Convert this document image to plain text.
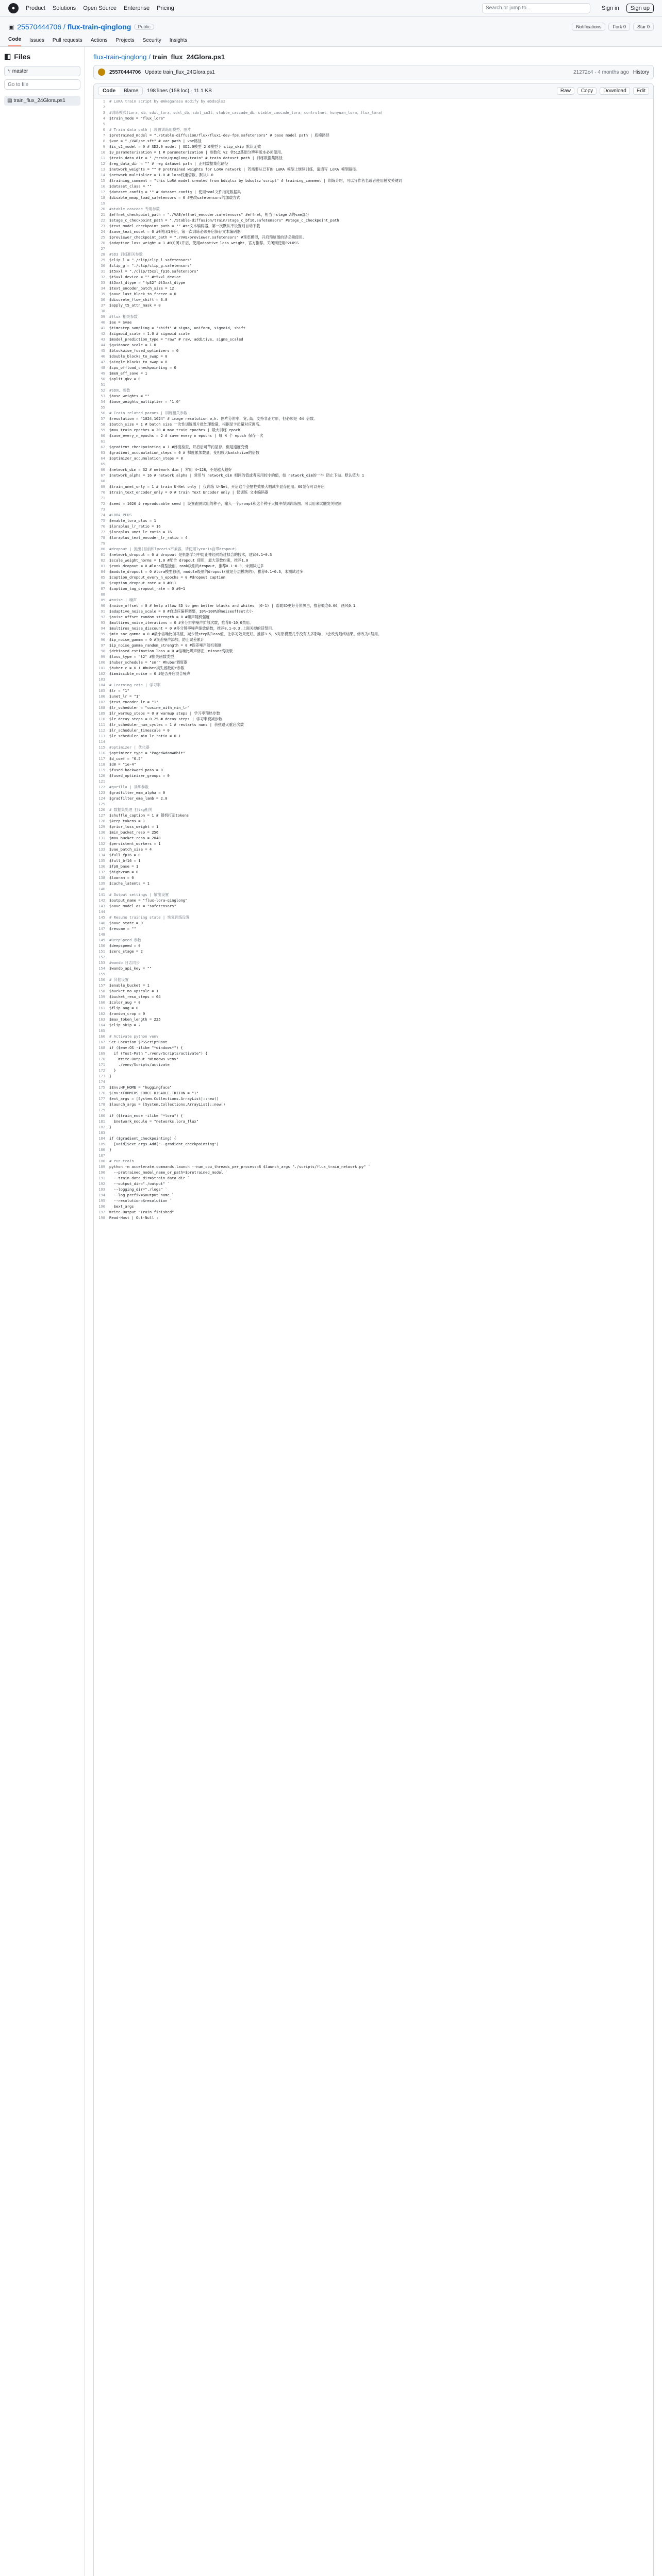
●	Product Solutions Open Source Enterprise Pricing	Search or jump to...	Sign in	Sign up
▣ 25570444706 / flux-train-qinglong	Public	Notifications	Fork 0	Star 0
Code Issues Pull requests Actions Projects Security Insights
◧ Files
⑂ master
Go to file
▤ train_flux_24Glora.ps1
flux-train-qinglong / train_flux_24Glora.ps1
25570444706 Update train_flux_24Glora.ps1	21272c4 · 4 months ago History
Code	Blame	198 lines (158 loc) · 11.1 KB	Raw	Copy	Download	Edit
1	# LoRA train script by @Akegarasu modify by @bdsqlsz
2
3	#训练模式(Lora、db、sdxl_lora、sdxl_db、sdxl_cn3l、stable_cascade_db、stable_cascade_lora、controlnet、hunyuan_lora、flux_lora)
4	$train_mode = "flux_lora"
5
6	# Train data path | 设置训练用模型、图片
7	$pretrained_model = "./Stable-diffusion/flux/flux1-dev-fp8.safetensors" # base model path | 底模路径
8	$vae = "./VAE/ae.sft" # vae path | vae路径
9	$is_v2_model = 0 # SD2.0 model | SD2.0模型 2.0模型下 clip_skip 默认无效
10	$v_parameterization = 1 # parameterization | 参数化 v2 非512基础分辨率版本必须使用。
11	$train_data_dir = "./train/qinglong/train" # train dataset path | 训练数据集路径
12	$reg_data_dir = "" # reg dataset path | 正则数据集化路径
13	$network_weights = "" # pretrained weights for LoRA network | 若需要从已有的 LoRA 模型上继续训练，请填写 LoRA 模型路径。
14	$network_multiplier = 1.0 # lora权重倍数，默认1.0
15	$training_comment = "this LoRA model created from bdsqlsz by bdsqlsz'script" # training_comment | 训练介绍，可以写作者名或者使用触发关键词
16	$dataset_class = ""
17	$dataset_config = "" # dataset_config | 使用toml文件指定数据集
18	$disable_mmap_load_safetensors = 0 #更改safetensors的加载方式
19
20	#stable_cascade 专用参数
21	$effnet_checkpoint_path = "./VAE/effnet_encoder.safetensors" #effnet，相当于stage A的vae部分
22	$stage_c_checkpoint_path = "./Stable-diffusion/train/stage_c_bf16.safetensors" #stage_c_checkpoint_path
23	$text_model_checkpoint_path = "" #te文本编码器，第一次默认不设置则自动下载
24	$save_text_model = 0 #0关闭1开启，第一次训练必须开启保存文本编码器
25	$previewer_checkpoint_path = "./VAE/previewer.safetensors" #预览模型，开启预览图的话必须使用。
26	$adaptive_loss_weight = 1 #0关闭1开启，使用adaptive_loss_weight，官方推荐。关闭则使用P2LOSS
27
28	#SD3 训练相关参数
29	$clip_l = "./clip/clip_l.safetensors"
30	$clip_g = "./clip/clip_g.safetensors"
31	$t5xxl = "./clip/t5xxl_fp16.safetensors"
32	$t5xxl_device = "" #t5xxl_device
33	$t5xxl_dtype = "fp32" #t5xxl_dtype
34	$text_encoder_batch_size = 12
35	$save_last_block_to_freeze = 0
36	$discrete_flow_shift = 3.0
37	$apply_t5_attn_mask = 0
38
39	#flux 相关参数
40	$ae = $vae
41	$timestep_sampling = "shift" # sigma, uniform, sigmoid, shift
42	$sigmoid_scale = 1.0 # sigmoid scale
43	$model_prediction_type = "raw" # raw, additive, sigma_scaled
44	$guidance_scale = 1.0
45	$blockwise_fused_optimizers = 0
46	$double_blocks_to_swap = 0
47	$single_blocks_to_swap = 0
48	$cpu_offload_checkpointing = 0
49	$mem_eff_save = 1
50	$split_qkv = 0
51
52	#SDXL 参数
53	$base_weights = ""
54	$base_weights_multiplier = "1.0"
55
56	# Train related params | 训练相关参数
57	$resolution = "1024,1024" # image resolution w,h. 图片分辨率，宽,高。支持非正方形，但必须是 64 倍数。
58	$batch_size = 1 # batch size 一次性训练图片批处理数量，根据显卡质量对应调高。
59	$max_train_epoches = 20 # max train epoches | 最大训练 epoch
60	$save_every_n_epochs = 2 # save every n epochs | 每 N 个 epoch 保存一次
61
62	$gradient_checkpointing = 1 #梯度检查，开启后可节约显存，但是速度变慢
63	$gradient_accumulation_steps = 0 # 梯度累加数量，变相放大batchsize的倍数
64	$optimizer_accumulation_steps = 0
65
66	$network_dim = 32 # network dim | 常用 4~128，不是越大越好
67	$network_alpha = 16 # network alpha | 常用与 network_dim 相同的值或者采用较小的值，如 network_dim的一半 防止下溢。默认值为 1
68
69	$train_unet_only = 1 # train U-Net only | 仅训练 U-Net，开启这个会牺牲效果大幅减少显存使用。6G显存可以开启
70	$train_text_encoder_only = 0 # train Text Encoder only | 仅训练 文本编码器
71
72	$seed = 1026 # reproducable seed | 设置跑测试用的种子，输入一个prompt和这个种子大概率得到训练图。可以用来试触发关键词
73
74	#LORA_PLUS
75	$enable_lora_plus = 1
76	$loraplus_lr_ratio = 16
77	$loraplus_unet_lr_ratio = 16
78	$loraplus_text_encoder_lr_ratio = 4
79
80	#dropout | 抛出(目前和lycoris不兼容，请使用lycoris自带dropout)
81	$network_dropout = 0 # dropout 是机器学习中防止神经网络过拟合的技术，建议0.1~0.3
82	$scale_weight_norms = 1.0 #配合 dropout 使用，最大范数约束，推荐1.0
83	$rank_dropout = 0 #lora模型独创，rank级别的dropout，推荐0.1~0.3，未测试过多
84	$module_dropout = 0 #lora模型独创，module级别的dropout(就是分层模块的)，推荐0.1~0.3，未测试过多
85	$caption_dropout_every_n_epochs = 0 #dropout caption
86	$caption_dropout_rate = 0 #0~1
87	$caption_tag_dropout_rate = 0 #0~1
88
89	#noise | 噪声
90	$noise_offset = 0 # help allow SD to gen better blacks and whites，(0-1) | 帮助SD更好分辨黑白，推荐概念0.06，画风0.1
91	$adaptive_noise_scale = 0 #自适应偏移调整，10%~100%的noiseoffset大小
92	$noise_offset_random_strength = 0 #噪声随机强度
93	$multires_noise_iterations = 0 #多分辨率噪声扩散次数，推荐6-10,0禁用。
94	$multires_noise_discount = 0 #多分辨率噪声缩放倍数，推荐0.1-0.3,上面关掉的话禁用。
95	$min_snr_gamma = 0 #最小信噪比伽马值，减少低step时loss值，让学习效果更好。推荐3-5，5对原模型几乎没有太多影响，3会改变最终结果。修改为0禁用。
96	$ip_noise_gamma = 0 #误差噪声添加，防止误差累计
97	$ip_noise_gamma_random_strength = 0 #误差噪声随机强度
98	$debiased_estimation_loss = 0 #信噪比噪声修正，minsnr高级版
99	$loss_type = "l2" #损失函数类型
100	$huber_schedule = "snr" #huber调度器
101	$huber_c = 0.1 #huber损失函数的c参数
102	$immiscible_noise = 0 #是否开启混合噪声
103
104	# Learning rate | 学习率
105	$lr = "1"
106	$unet_lr = "1"
107	$text_encoder_lr = "1"
108	$lr_scheduler = "cosine_with_min_lr"
109	$lr_warmup_steps = 0 # warmup steps | 学习率预热步数
110	$lr_decay_steps = 0.25 # decay steps | 学习率衰减步数
111	$lr_scheduler_num_cycles = 1 # restarts nums | 余弦退火重启次数
112	$lr_scheduler_timescale = 0
113	$lr_scheduler_min_lr_ratio = 0.1
114
115	#optimizer | 优化器
116	$optimizer_type = "PagedAdamW8bit"
117	$d_coef = "0.5"
118	$d0 = "1e-4"
119	$fused_backward_pass = 0
120	$fused_optimizer_groups = 0
121
122	#gorilla | 训练参数
123	$gradfilter_ema_alpha = 0
124	$gradfilter_ema_lamb = 2.0
125
126	# 数据集处理 打tag相关
127	$shuffle_caption = 1 # 随机打乱tokens
128	$keep_tokens = 1
129	$prior_loss_weight = 1
130	$min_bucket_reso = 256
131	$max_bucket_reso = 2048
132	$persistent_workers = 1
133	$vae_batch_size = 4
134	$full_fp16 = 0
135	$full_bf16 = 1
136	$fp8_base = 1
137	$highvram = 0
138	$lowram = 0
139	$cache_latents = 1
140
141	# Output settings | 输出设置
142	$output_name = "flux-lora-qinglong"
143	$save_model_as = "safetensors"
144
145	# Resume training state | 恢复训练设置
146	$save_state = 0
147	$resume = ""
148
149	#DeepSpeed 参数
150	$deepspeed = 0
151	$zero_stage = 2
152
153	#wandb 日志同步
154	$wandb_api_key = ""
155
156	# 其他设置
157	$enable_bucket = 1
158	$bucket_no_upscale = 1
159	$bucket_reso_steps = 64
160	$color_aug = 0
161	$flip_aug = 0
162	$random_crop = 0
163	$max_token_length = 225
164	$clip_skip = 2
165
166	# Activate python venv
167	Set-Location $PSScriptRoot
168	if ($env:OS -ilike "*windows*") {
169	if (Test-Path "./venv/Scripts/activate") {
170	Write-Output "Windows venv"
171	./venv/Scripts/activate
172	}
173	}
174
175	$Env:HF_HOME = "huggingface"
176	$Env:XFORMERS_FORCE_DISABLE_TRITON = "1"
177	$ext_args = [System.Collections.ArrayList]::new()
178	$launch_args = [System.Collections.ArrayList]::new()
179
180	if ($train_mode -ilike "*lora") {
181	$network_module = "networks.lora_flux"
182	}
183
184	if ($gradient_checkpointing) {
185	[void]$ext_args.Add("--gradient_checkpointing")
186	}
187
188	# run train
189	python -m accelerate.commands.launch --num_cpu_threads_per_process=8 $launch_args "./scripts/flux_train_network.py" `
190	--pretrained_model_name_or_path=$pretrained_model `
191	--train_data_dir=$train_data_dir `
192	--output_dir="./output" `
193	--logging_dir="./logs" `
194	--log_prefix=$output_name `
195	--resolution=$resolution `
196	$ext_args
197	Write-Output "Train finished"
198	Read-Host | Out-Null ;
